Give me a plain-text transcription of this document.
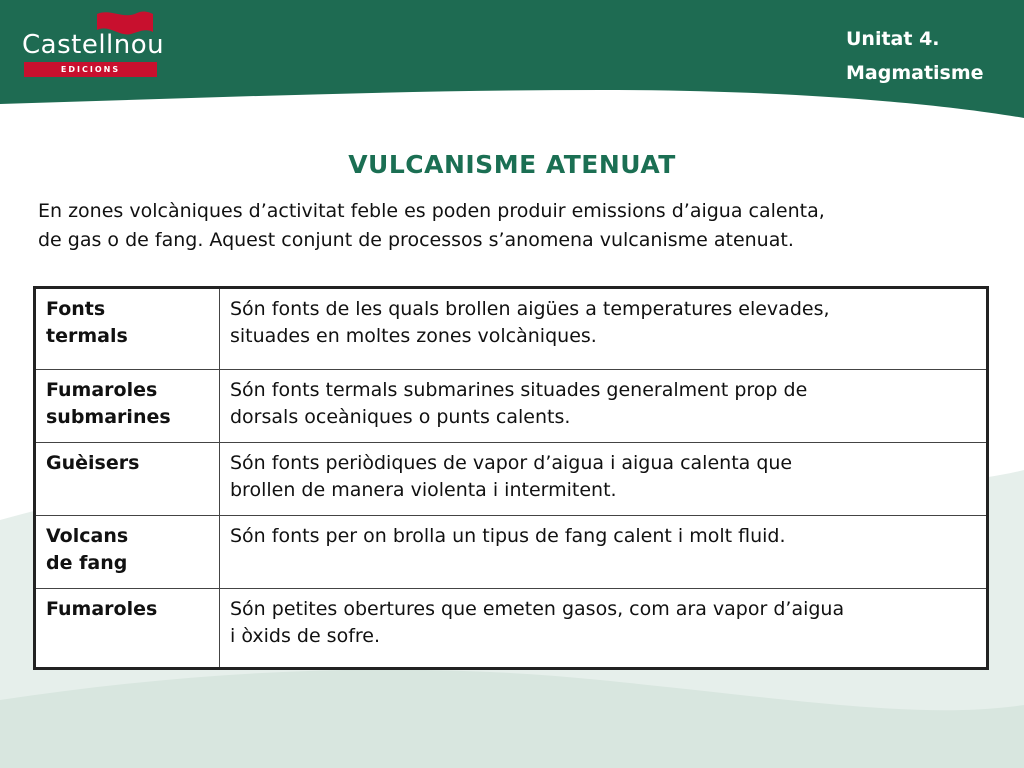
Castellnou
EDICIONS
Unitat 4.
Magmatisme
VULCANISME ATENUAT
En zones volcàniques d’activitat feble es poden produir emissions d’aigua calenta,
de gas o de fang. Aquest conjunt de processos s’anomena vulcanisme atenuat.
Fonts
termals	Són fonts de les quals brollen aigües a temperatures elevades,
situades en moltes zones volcàniques.

Fumaroles
submarines	Són fonts termals submarines situades generalment prop de
dorsals oceàniques o punts calents.

Guèisers	Són fonts periòdiques de vapor d’aigua i aigua calenta que
brollen de manera violenta i intermitent.

Volcans
de fang	Són fonts per on brolla un tipus de fang calent i molt fluid.

Fumaroles	Són petites obertures que emeten gasos, com ara vapor d’aigua
i òxids de sofre.
